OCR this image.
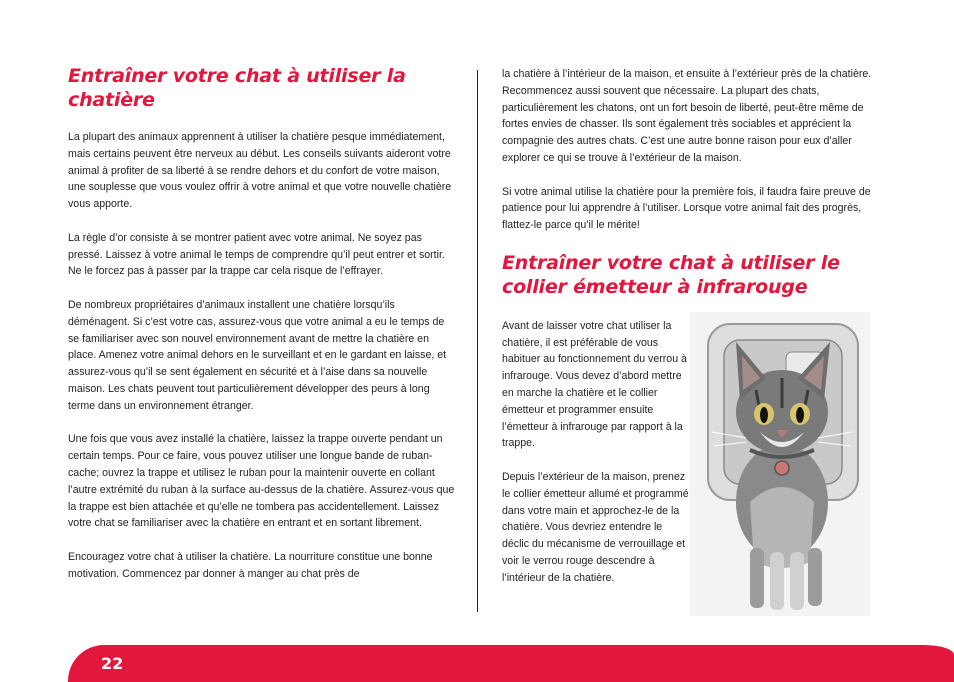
Entraîner votre chat à utiliser la chatière

La plupart des animaux apprennent à utiliser la chatière pesque immédiatement, mais certains peuvent être nerveux au début. Les conseils suivants aideront votre animal à profiter de sa liberté à se rendre dehors et du confort de votre maison, une souplesse que vous voulez offrir à votre animal et que votre nouvelle chatière vous apporte.

La règle d’or consiste à se montrer patient avec votre animal. Ne soyez pas pressé. Laissez à votre animal le temps de comprendre qu’il peut entrer et sortir. Ne le forcez pas à passer par la trappe car cela risque de l’effrayer.

De nombreux propriétaires d’animaux installent une chatière lorsqu’ils déménagent. Si c’est votre cas, assurez-vous que votre animal a eu le temps de se familiariser avec son nouvel environnement avant de mettre la chatière en place. Amenez votre animal dehors en le surveillant et en le gardant en laisse, et assurez-vous qu’il se sent également en sécurité et à l’aise dans sa nouvelle maison. Les chats peuvent tout particulièrement développer des peurs à long terme dans un environnement étranger.

Une fois que vous avez installé la chatière, laissez la trappe ouverte pendant un certain temps. Pour ce faire, vous pouvez utiliser une longue bande de ruban-cache; ouvrez la trappe et utilisez le ruban pour la maintenir ouverte en collant l’autre extrémité du ruban à la surface au-dessus de la chatière. Assurez-vous que la trappe est bien attachée et qu’elle ne tombera pas accidentellement. Laissez votre chat se familiariser avec la chatière en entrant et en sortant librement.

Encouragez votre chat à utiliser la chatière. La nourriture constitue une bonne motivation. Commencez par donner à manger au chat près de

la chatière à l’intérieur de la maison, et ensuite à l’extérieur près de la chatière. Recommencez aussi souvent que nécessaire. La plupart des chats, particulièrement les chatons, ont un fort besoin de liberté, peut-être même de fortes envies de chasser. Ils sont également très sociables et apprécient la compagnie des autres chats. C’est une autre bonne raison pour eux d’aller explorer ce qui se trouve à l’extérieur de la maison.

Si votre animal utilise la chatière pour la première fois, il faudra faire preuve de patience pour lui apprendre à l’utiliser. Lorsque votre animal fait des progrès, flattez-le parce qu’il le mérite!

Entraîner votre chat à utiliser le collier émetteur à infrarouge

Avant de laisser votre chat utiliser la chatière, il est préférable de vous habituer au fonctionnement du verrou à infrarouge. Vous devez d’abord mettre en marche la chatière et le collier émetteur et programmer ensuite l’émetteur à infrarouge par rapport à la trappe.

Depuis l’extérieur de la maison, prenez le collier émetteur allumé et programmé dans votre main et approchez-le de la chatière. Vous devriez entendre le déclic du mécanisme de verrouillage et voir le verrou rouge descendre à l’intérieur de la chatière.

22
